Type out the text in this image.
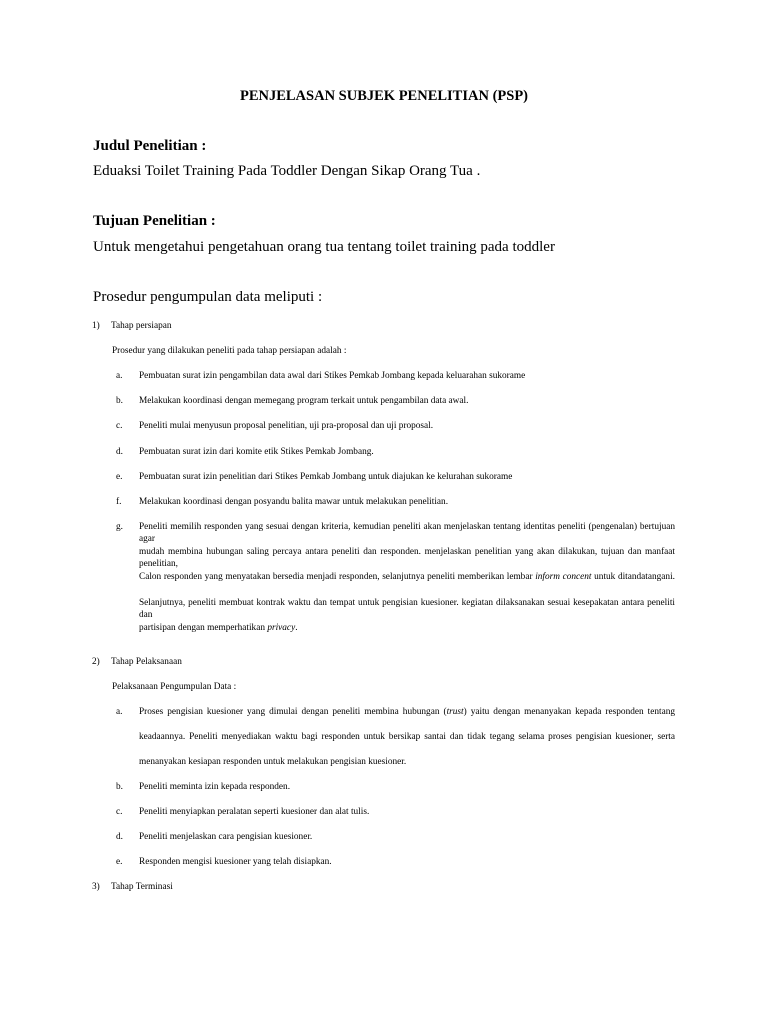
PENJELASAN SUBJEK PENELITIAN (PSP)
Judul Penelitian :
Eduaksi Toilet Training Pada Toddler Dengan Sikap Orang Tua .
Tujuan Penelitian :
Untuk mengetahui pengetahuan orang tua tentang toilet training pada toddler
Prosedur pengumpulan data meliputi :
1) Tahap persiapan
Prosedur yang dilakukan peneliti pada tahap persiapan adalah :
a. Pembuatan surat izin pengambilan data awal dari Stikes Pemkab Jombang kepada keluarahan sukorame
b. Melakukan koordinasi dengan memegang program terkait untuk pengambilan data awal.
c. Peneliti mulai menyusun proposal penelitian, uji pra-proposal dan uji proposal.
d. Pembuatan surat izin dari komite etik Stikes Pemkab Jombang.
e. Pembuatan surat izin penelitian dari Stikes Pemkab Jombang untuk diajukan ke kelurahan sukorame
f. Melakukan koordinasi dengan posyandu balita mawar untuk melakukan penelitian.
g. Peneliti memilih responden yang sesuai dengan kriteria, kemudian peneliti akan menjelaskan tentang identitas peneliti (pengenalan) bertujuan agar
mudah membina hubungan saling percaya antara peneliti dan responden. menjelaskan penelitian yang akan dilakukan, tujuan dan manfaat penelitian,
Calon responden yang menyatakan bersedia menjadi responden, selanjutnya peneliti memberikan lembar inform concent untuk ditandatangani.
Selanjutnya, peneliti membuat kontrak waktu dan tempat untuk pengisian kuesioner. kegiatan dilaksanakan sesuai kesepakatan antara peneliti dan
partisipan dengan memperhatikan privacy.
2) Tahap Pelaksanaan
Pelaksanaan Pengumpulan Data :
a. Proses pengisian kuesioner yang dimulai dengan peneliti membina hubungan (trust) yaitu dengan menanyakan kepada responden tentang
keadaannya. Peneliti menyediakan waktu bagi responden untuk bersikap santai dan tidak tegang selama proses pengisian kuesioner, serta
menanyakan kesiapan responden untuk melakukan pengisian kuesioner.
b. Peneliti meminta izin kepada responden.
c. Peneliti menyiapkan peralatan seperti kuesioner dan alat tulis.
d. Peneliti menjelaskan cara pengisian kuesioner.
e. Responden mengisi kuesioner yang telah disiapkan.
3) Tahap Terminasi
